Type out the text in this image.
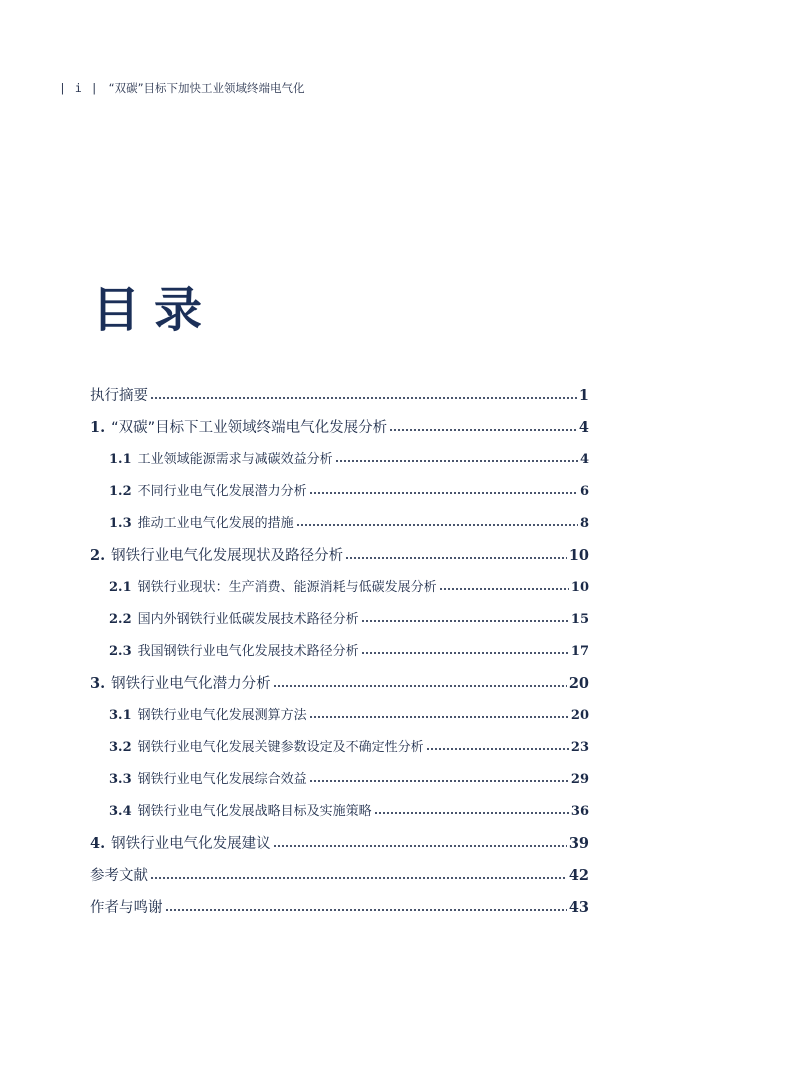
| i | “双碳”目标下加快工业领域终端电气化
目录
执行摘要	1
1. “双碳”目标下工业领域终端电气化发展分析	4
1.1 工业领域能源需求与减碳效益分析	4
1.2 不同行业电气化发展潜力分析	6
1.3 推动工业电气化发展的措施	8
2. 钢铁行业电气化发展现状及路径分析	10
2.1 钢铁行业现状：生产消费、能源消耗与低碳发展分析	10
2.2 国内外钢铁行业低碳发展技术路径分析	15
2.3 我国钢铁行业电气化发展技术路径分析	17
3. 钢铁行业电气化潜力分析	20
3.1 钢铁行业电气化发展测算方法	20
3.2 钢铁行业电气化发展关键参数设定及不确定性分析	23
3.3 钢铁行业电气化发展综合效益	29
3.4 钢铁行业电气化发展战略目标及实施策略	36
4. 钢铁行业电气化发展建议	39
参考文献	42
作者与鸣谢	43
